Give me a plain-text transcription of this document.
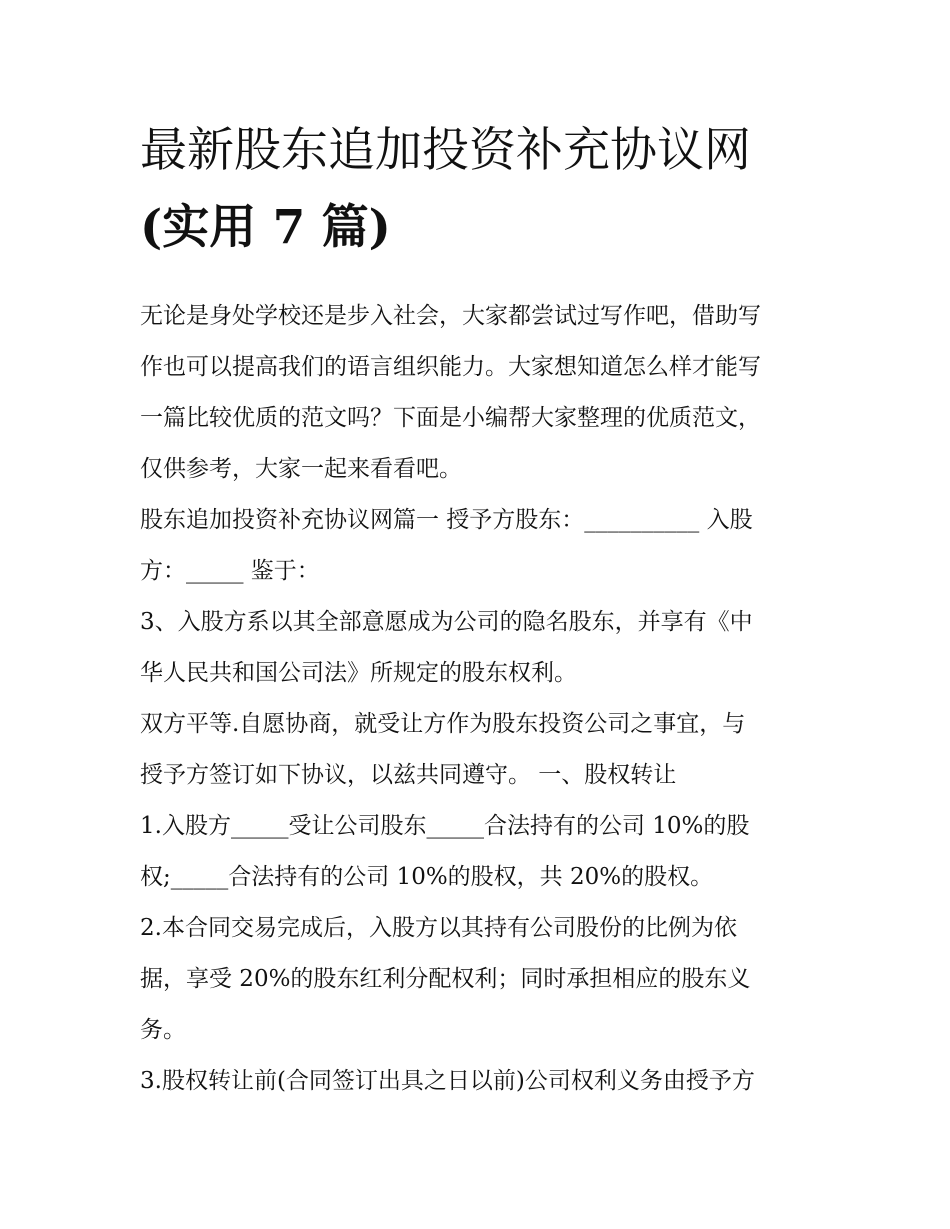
最新股东追加投资补充协议网
(实用 7 篇)

无论是身处学校还是步入社会，大家都尝试过写作吧，借助写
作也可以提高我们的语言组织能力。大家想知道怎么样才能写
一篇比较优质的范文吗？下面是小编帮大家整理的优质范文，
仅供参考，大家一起来看看吧。

股东追加投资补充协议网篇一 授予方股东：__________ 入股
方：_____ 鉴于：

3、入股方系以其全部意愿成为公司的隐名股东，并享有《中
华人民共和国公司法》所规定的股东权利。

双方平等.自愿协商，就受让方作为股东投资公司之事宜，与
授予方签订如下协议，以兹共同遵守。 一、股权转让

1.入股方_____受让公司股东_____合法持有的公司 10%的股
权;_____合法持有的公司 10%的股权，共 20%的股权。

2.本合同交易完成后，入股方以其持有公司股份的比例为依
据，享受 20%的股东红利分配权利；同时承担相应的股东义
务。

3.股权转让前(合同签订出具之日以前)公司权利义务由授予方
